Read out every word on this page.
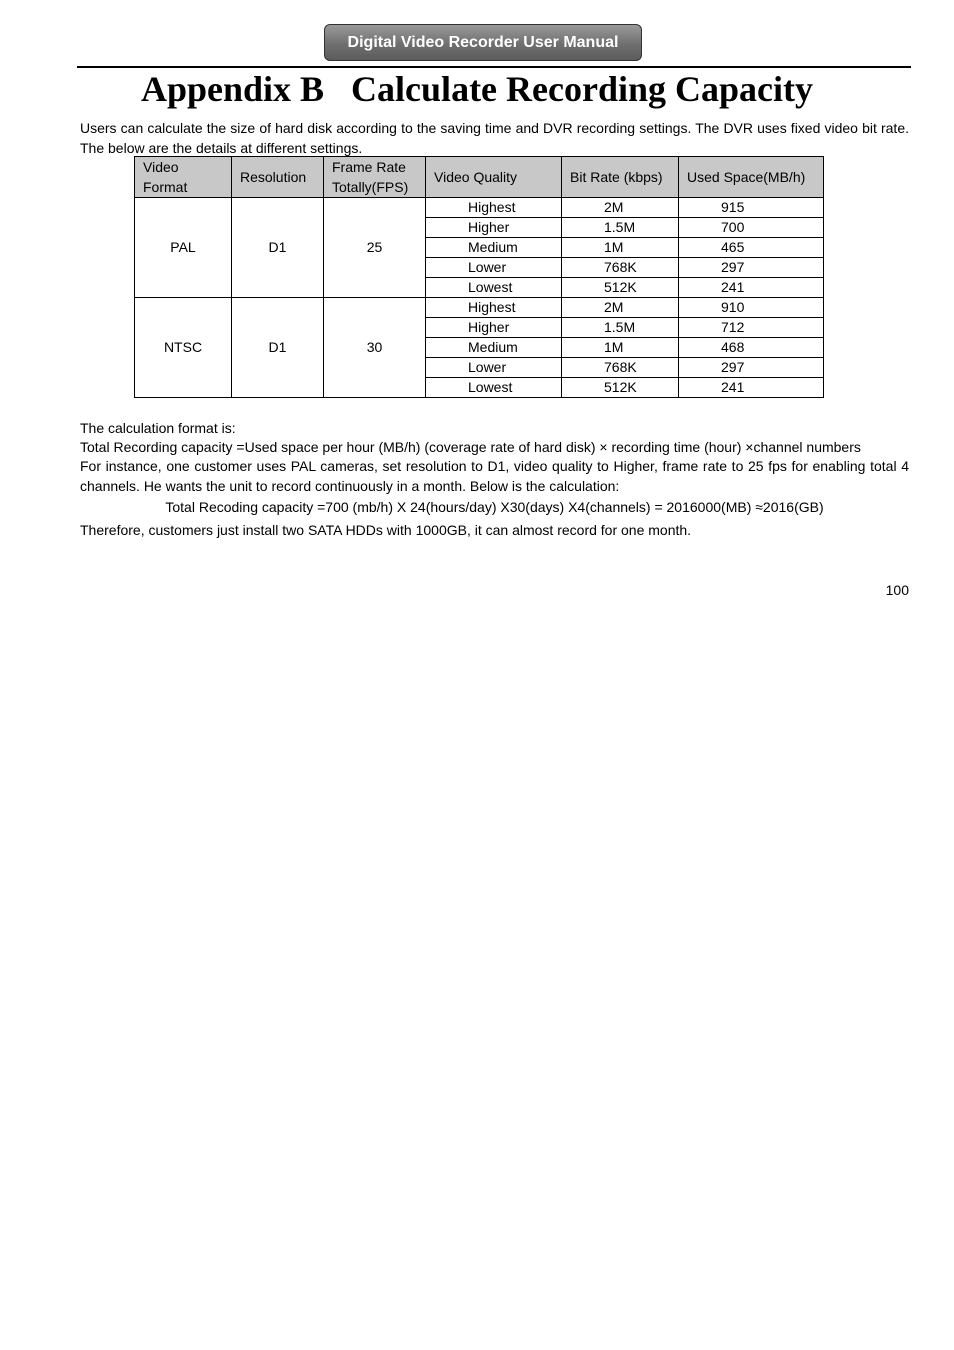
Digital Video Recorder User Manual
Appendix B   Calculate Recording Capacity
Users can calculate the size of hard disk according to the saving time and DVR recording settings. The DVR uses fixed video bit rate. The below are the details at different settings.
Video Format	Resolution	Frame Rate Totally(FPS)	Video Quality	Bit Rate (kbps)	Used Space(MB/h)
PAL	D1	25	Highest	2M	915
			Higher	1.5M	700
			Medium	1M	465
			Lower	768K	297
			Lowest	512K	241
NTSC	D1	30	Highest	2M	910
			Higher	1.5M	712
			Medium	1M	468
			Lower	768K	297
			Lowest	512K	241
The calculation format is:
Total Recording capacity =Used space per hour (MB/h) (coverage rate of hard disk) × recording time (hour) ×channel numbers
For instance, one customer uses PAL cameras, set resolution to D1, video quality to Higher, frame rate to 25 fps for enabling total 4 channels. He wants the unit to record continuously in a month. Below is the calculation:
Total Recoding capacity =700 (mb/h) X 24(hours/day) X30(days) X4(channels) = 2016000(MB) ≈2016(GB)
Therefore, customers just install two SATA HDDs with 1000GB, it can almost record for one month.
100
